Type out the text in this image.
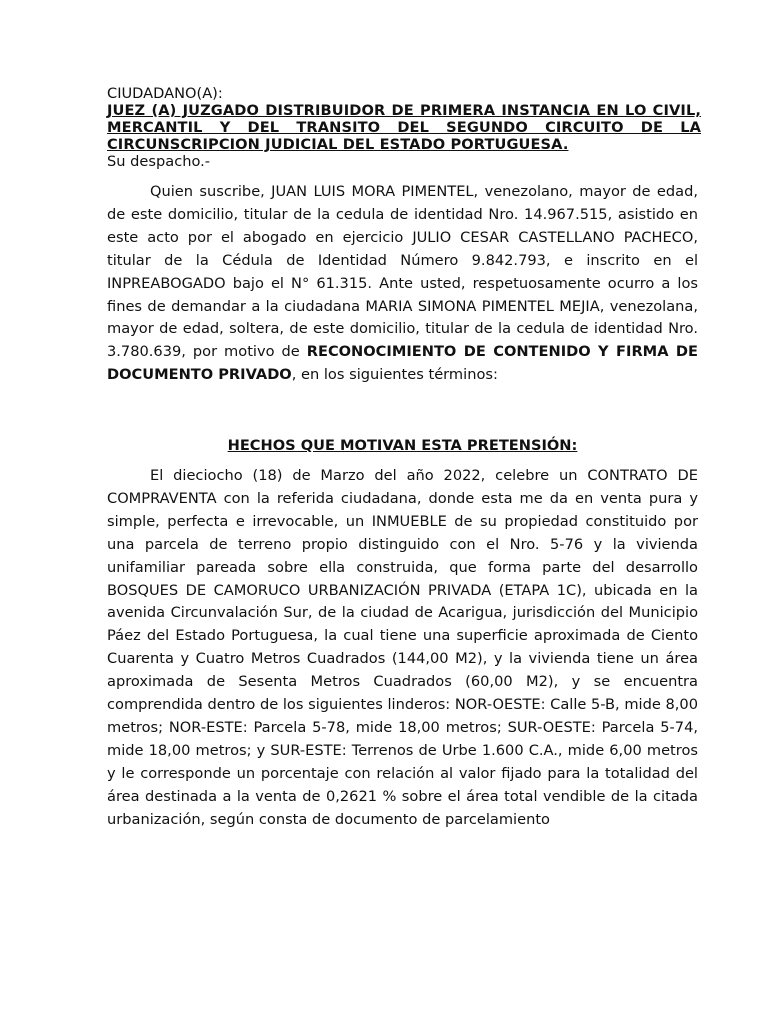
CIUDADANO(A):

JUEZ (A) JUZGADO DISTRIBUIDOR DE PRIMERA INSTANCIA EN LO CIVIL, MERCANTIL Y DEL TRANSITO DEL SEGUNDO CIRCUITO DE LA CIRCUNSCRIPCION JUDICIAL DEL ESTADO PORTUGUESA.

Su despacho.-

Quien suscribe, JUAN LUIS MORA PIMENTEL, venezolano, mayor de edad, de este domicilio, titular de la cedula de identidad Nro. 14.967.515, asistido en este acto por el abogado en ejercicio JULIO CESAR CASTELLANO PACHECO, titular de la Cédula de Identidad Número 9.842.793, e inscrito en el INPREABOGADO bajo el N° 61.315. Ante usted, respetuosamente ocurro a los fines de demandar a la ciudadana MARIA SIMONA PIMENTEL MEJIA, venezolana, mayor de edad, soltera, de este domicilio, titular de la cedula de identidad Nro. 3.780.639, por motivo de RECONOCIMIENTO DE CONTENIDO Y FIRMA DE DOCUMENTO PRIVADO, en los siguientes términos:

HECHOS QUE MOTIVAN ESTA PRETENSIÓN:

El dieciocho (18) de Marzo del año 2022, celebre un CONTRATO DE COMPRAVENTA con la referida ciudadana, donde esta me da en venta pura y simple, perfecta e irrevocable, un INMUEBLE de su propiedad constituido por una parcela de terreno propio distinguido con el Nro. 5-76 y la vivienda unifamiliar pareada sobre ella construida, que forma parte del desarrollo BOSQUES DE CAMORUCO URBANIZACIÓN PRIVADA (ETAPA 1C), ubicada en la avenida Circunvalación Sur, de la ciudad de Acarigua, jurisdicción del Municipio Páez del Estado Portuguesa, la cual tiene una superficie aproximada de Ciento Cuarenta y Cuatro Metros Cuadrados (144,00 M2), y la vivienda tiene un área aproximada de Sesenta Metros Cuadrados (60,00 M2), y se encuentra comprendida dentro de los siguientes linderos: NOR-OESTE: Calle 5-B, mide 8,00 metros; NOR-ESTE: Parcela 5-78, mide 18,00 metros; SUR-OESTE: Parcela 5-74, mide 18,00 metros; y SUR-ESTE: Terrenos de Urbe 1.600 C.A., mide 6,00 metros y le corresponde un porcentaje con relación al valor fijado para la totalidad del área destinada a la venta de 0,2621 % sobre el área total vendible de la citada urbanización, según consta de documento de parcelamiento
